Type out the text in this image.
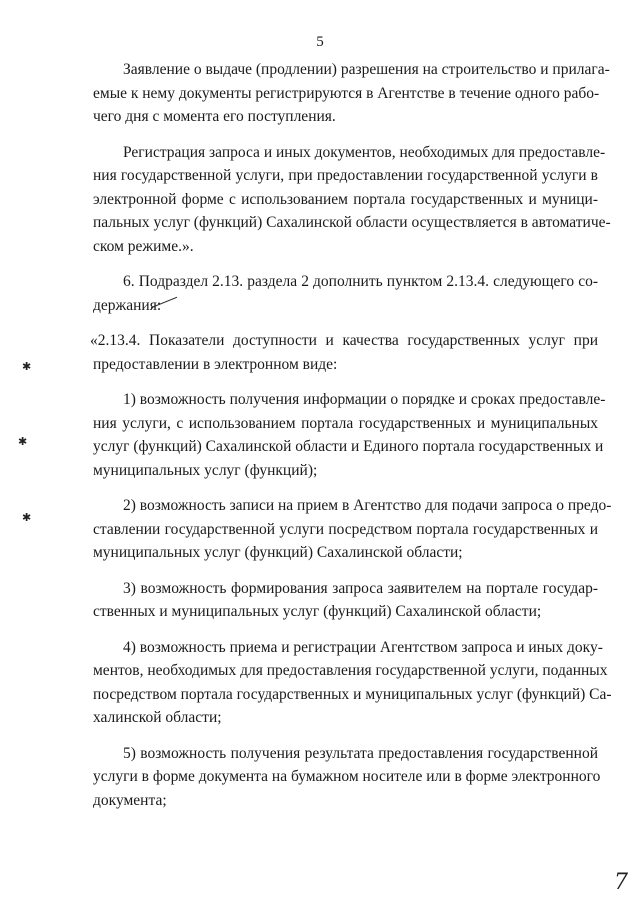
5
✱
✱
✱

Заявление о выдаче (продлении) разрешения на строительство и прилага-
емые к нему документы регистрируются в Агентстве в течение одного рабо-
чего дня с момента его поступления.

Регистрация запроса и иных документов, необходимых для предоставле-
ния государственной услуги, при предоставлении государственной услуги в
электронной форме с использованием портала государственных и муници-
пальных услуг (функций) Сахалинской области осуществляется в автоматиче-
ском режиме.».

6. Подраздел 2.13. раздела 2 дополнить пунктом 2.13.4. следующего со-
держания:

«2.13.4. Показатели доступности и качества государственных услуг при
предоставлении в электронном виде:

1) возможность получения информации о порядке и сроках предоставле-
ния услуги, с использованием портала государственных и муниципальных
услуг (функций) Сахалинской области и Единого портала государственных и
муниципальных услуг (функций);

2) возможность записи на прием в Агентство для подачи запроса о предо-
ставлении государственной услуги посредством портала государственных и
муниципальных услуг (функций) Сахалинской области;

3) возможность формирования запроса заявителем на портале государ-
ственных и муниципальных услуг (функций) Сахалинской области;

4) возможность приема и регистрации Агентством запроса и иных доку-
ментов, необходимых для предоставления государственной услуги, поданных
посредством портала государственных и муниципальных услуг (функций) Са-
халинской области;

5) возможность получения результата предоставления государственной
услуги в форме документа на бумажном носителе или в форме электронного
документа;

7
